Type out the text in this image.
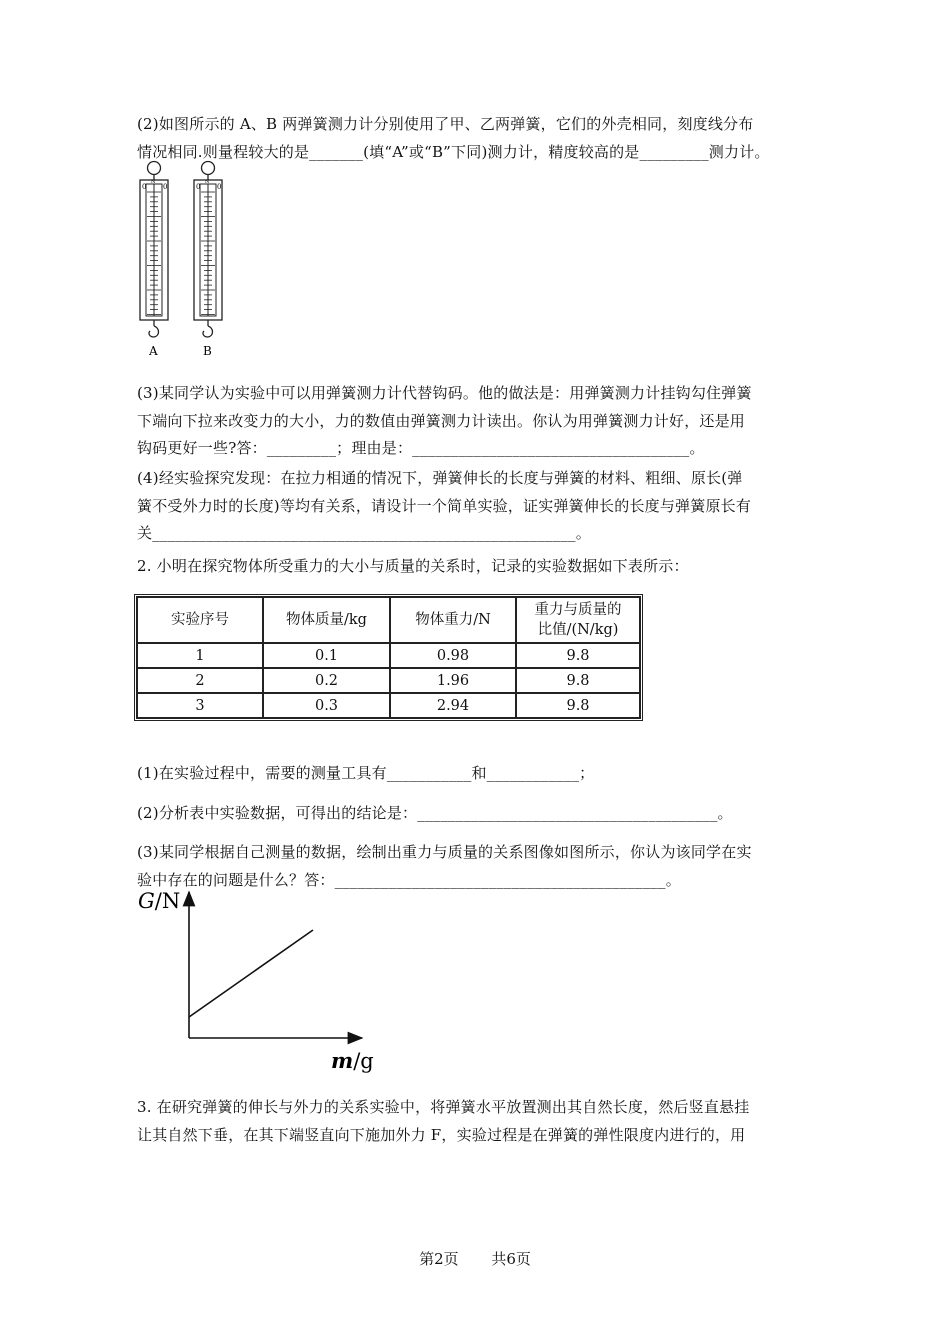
(2)如图所示的 A、B 两弹簧测力计分别使用了甲、乙两弹簧，它们的外壳相同，刻度线分布
情况相同.则量程较大的是_______(填“A”或“B”下同)测力计，精度较高的是_________测力计。
0 0
N
A
0 0
N
B
(3)某同学认为实验中可以用弹簧测力计代替钩码。他的做法是：用弹簧测力计挂钩勾住弹簧
下端向下拉来改变力的大小，力的数值由弹簧测力计读出。你认为用弹簧测力计好，还是用
钩码更好一些?答：_________；理由是：____________________________________。
(4)经实验探究发现：在拉力相通的情况下，弹簧伸长的长度与弹簧的材料、粗细、原长(弹
簧不受外力时的长度)等均有关系，请设计一个简单实验，证实弹簧伸长的长度与弹簧原长有
关_______________________________________________________。
2. 小明在探究物体所受重力的大小与质量的关系时，记录的实验数据如下表所示：
实验序号	物体质量/kg	物体重力/N	重力与质量的
比值/(N/kg)
1	0.1	0.98	9.8
2	0.2	1.96	9.8
3	0.3	2.94	9.8
(1)在实验过程中，需要的测量工具有___________和____________；
(2)分析表中实验数据，可得出的结论是：_______________________________________。
(3)某同学根据自己测量的数据，绘制出重力与质量的关系图像如图所示，你认为该同学在实
验中存在的问题是什么？答：___________________________________________。
G/N
m/g
3. 在研究弹簧的伸长与外力的关系实验中，将弹簧水平放置测出其自然长度，然后竖直悬挂
让其自然下垂，在其下端竖直向下施加外力 F，实验过程是在弹簧的弹性限度内进行的，用
第2页 共6页
